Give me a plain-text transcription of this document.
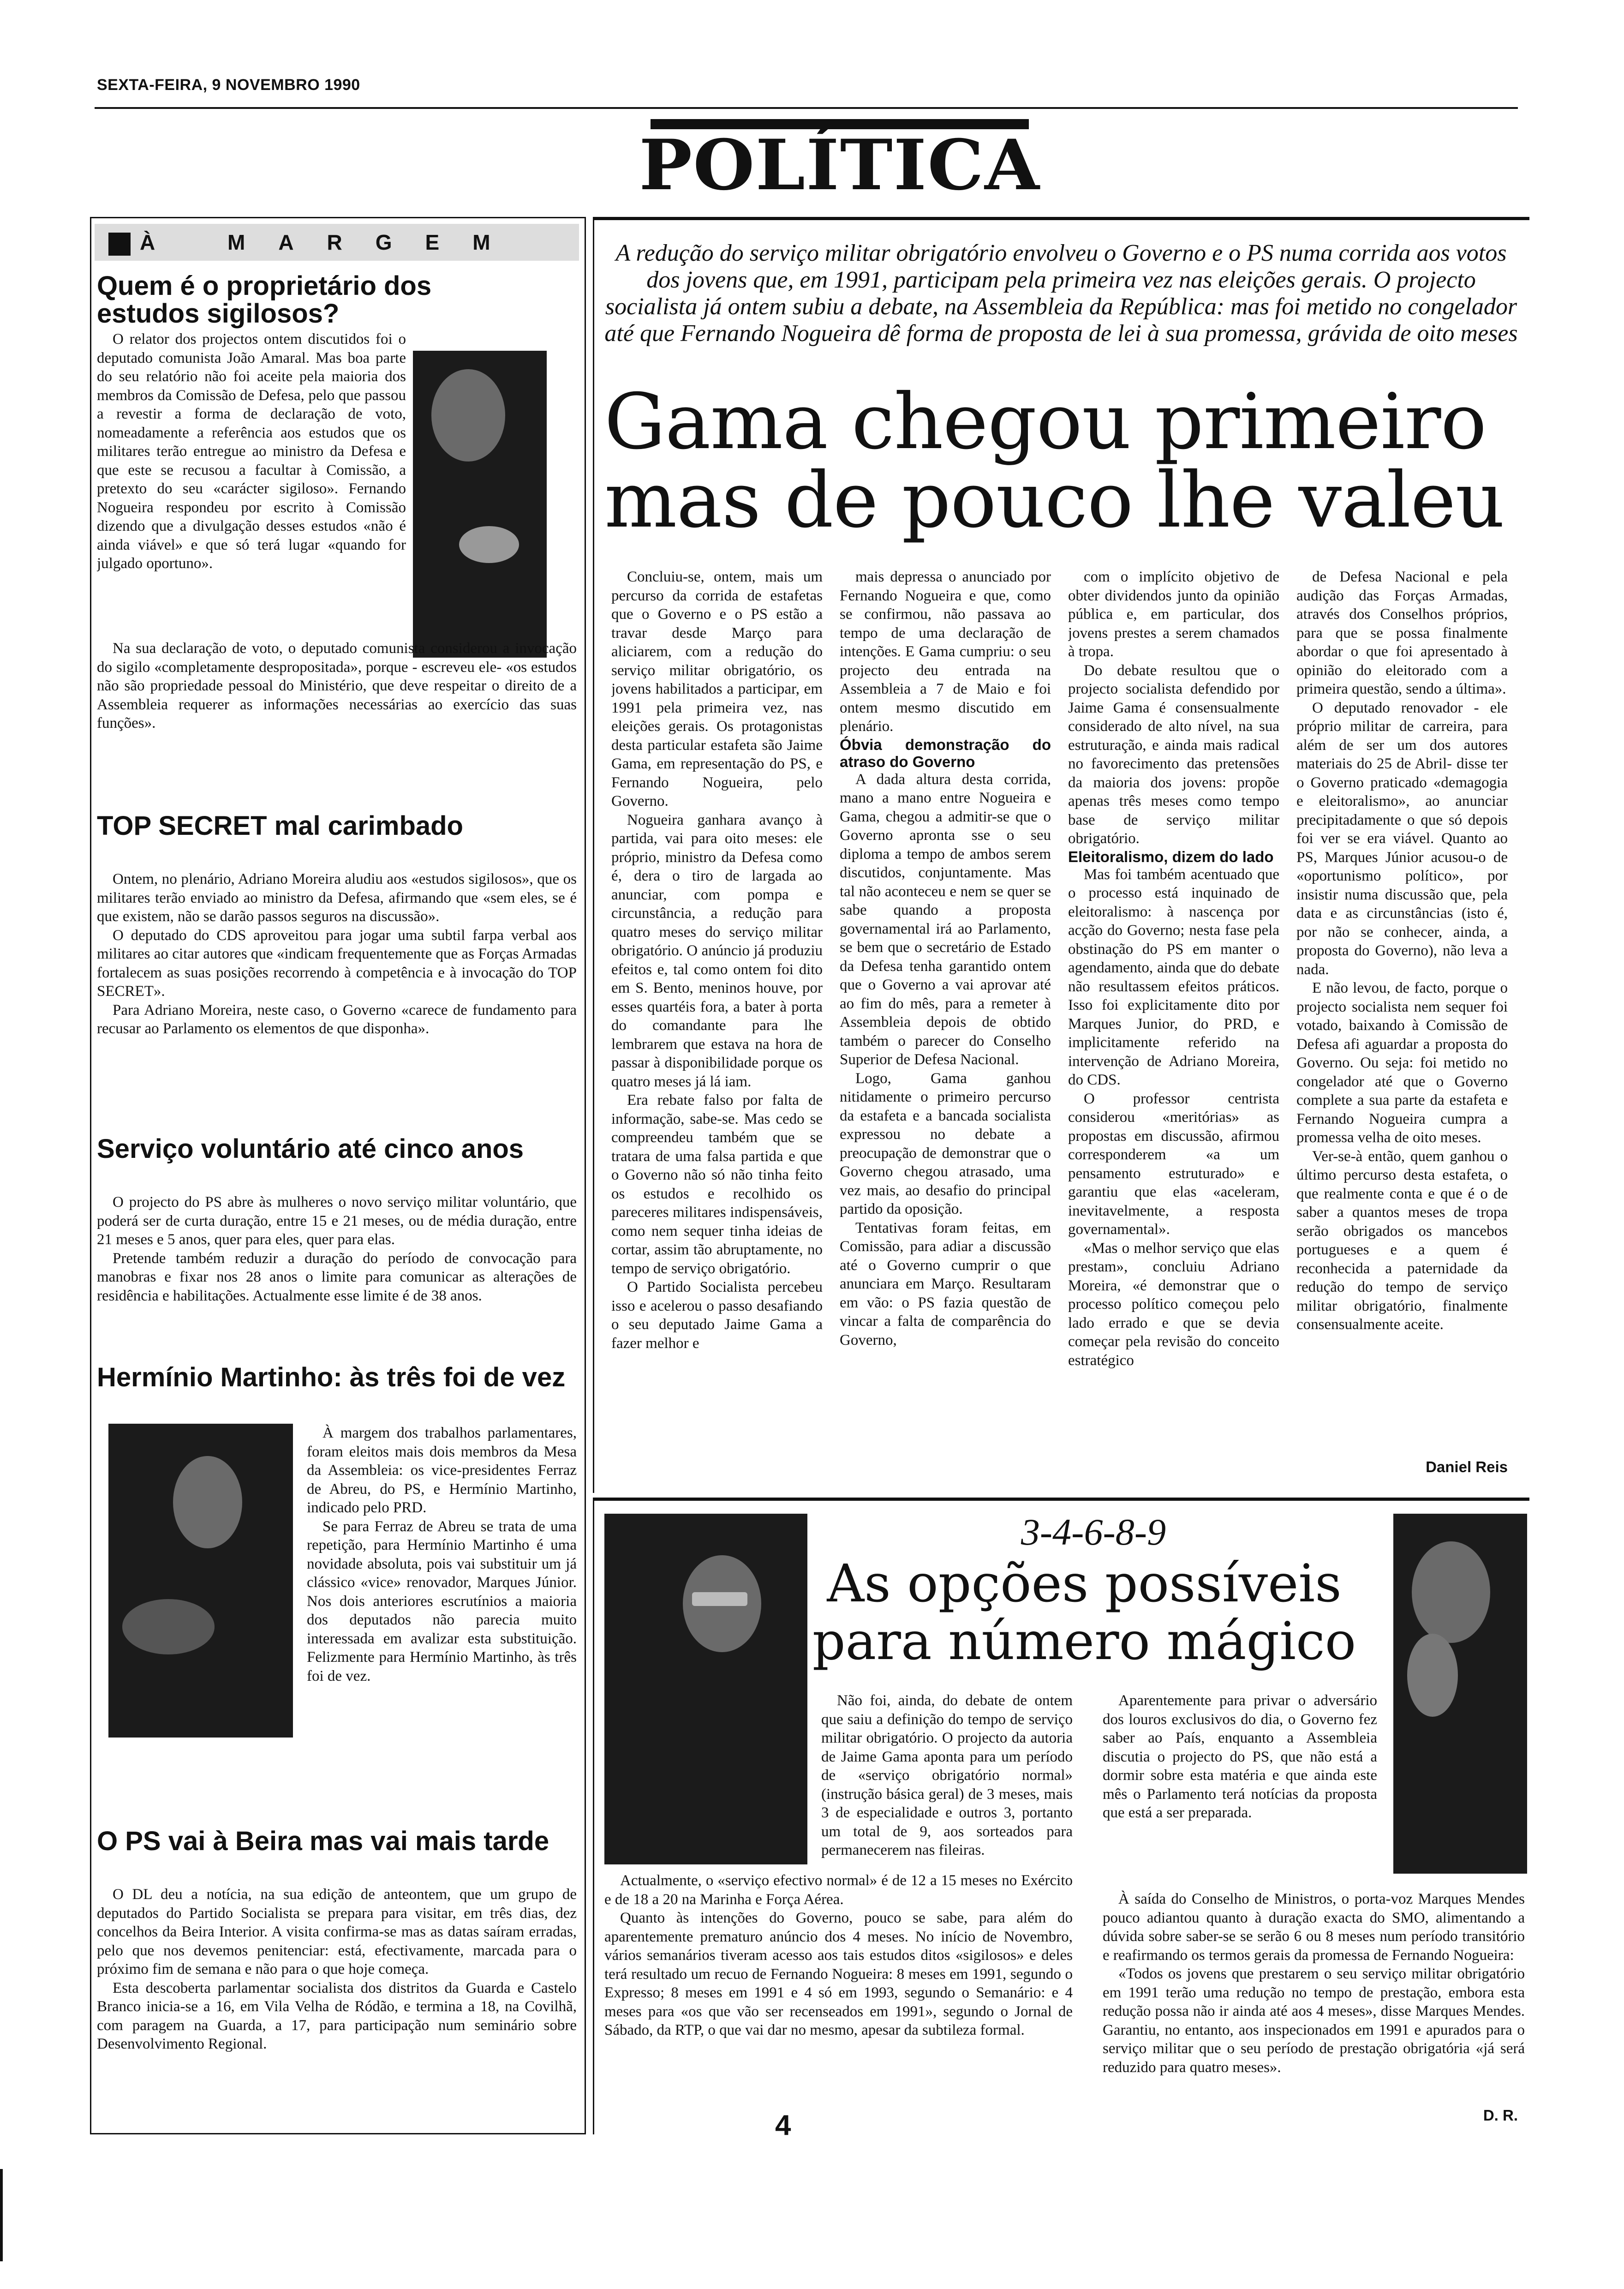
SEXTA-FEIRA, 9 NOVEMBRO 1990
POLÍTICA
À MARGEM
Quem é o proprietário dos estudos sigilosos?

O relator dos projectos ontem discutidos foi o deputado comunista João Amaral. Mas boa parte do seu relatório não foi aceite pela maioria dos membros da Comissão de Defesa, pelo que passou a revestir a forma de declaração de voto, nomeadamente a referência aos estudos que os militares terão entregue ao ministro da Defesa e que este se recusou a facultar à Comissão, a pretexto do seu «carácter sigiloso». Fernando Nogueira respondeu por escrito à Comissão dizendo que a divulgação desses estudos «não é ainda viável» e que só terá lugar «quando for julgado oportuno».

Na sua declaração de voto, o deputado comunista considerou a invocação do sigilo «completamente despropositada», porque - escreveu ele- «os estudos não são propriedade pessoal do Ministério, que deve respeitar o direito de a Assembleia requerer as informações necessárias ao exercício das suas funções».

TOP SECRET mal carimbado

Ontem, no plenário, Adriano Moreira aludiu aos «estudos sigilosos», que os militares terão enviado ao ministro da Defesa, afirmando que «sem eles, se é que existem, não se darão passos seguros na discussão».

O deputado do CDS aproveitou para jogar uma subtil farpa verbal aos militares ao citar autores que «indicam frequentemente que as Forças Armadas fortalecem as suas posições recorrendo à competência e à invocação do TOP SECRET».

Para Adriano Moreira, neste caso, o Governo «carece de fundamento para recusar ao Parlamento os elementos de que disponha».

Serviço voluntário até cinco anos

O projecto do PS abre às mulheres o novo serviço militar voluntário, que poderá ser de curta duração, entre 15 e 21 meses, ou de média duração, entre 21 meses e 5 anos, quer para eles, quer para elas.

Pretende também reduzir a duração do período de convocação para manobras e fixar nos 28 anos o limite para comunicar as alterações de residência e habilitações. Actualmente esse limite é de 38 anos.

Hermínio Martinho: às três foi de vez

À margem dos trabalhos parlamentares, foram eleitos mais dois membros da Mesa da Assembleia: os vice-presidentes Ferraz de Abreu, do PS, e Hermínio Martinho, indicado pelo PRD.

Se para Ferraz de Abreu se trata de uma repetição, para Hermínio Martinho é uma novidade absoluta, pois vai substituir um já clássico «vice» renovador, Marques Júnior. Nos dois anteriores escrutínios a maioria dos deputados não parecia muito interessada em avalizar esta substituição. Felizmente para Hermínio Martinho, às três foi de vez.

O PS vai à Beira mas vai mais tarde

O DL deu a notícia, na sua edição de anteontem, que um grupo de deputados do Partido Socialista se prepara para visitar, em três dias, dez concelhos da Beira Interior. A visita confirma-se mas as datas saíram erradas, pelo que nos devemos penitenciar: está, efectivamente, marcada para o próximo fim de semana e não para o que hoje começa.

Esta descoberta parlamentar socialista dos distritos da Guarda e Castelo Branco inicia-se a 16, em Vila Velha de Ródão, e termina a 18, na Covilhã, com paragem na Guarda, a 17, para participação num seminário sobre Desenvolvimento Regional.

A redução do serviço militar obrigatório envolveu o Governo e o PS numa corrida aos votos dos jovens que, em 1991, participam pela primeira vez nas eleições gerais. O projecto socialista já ontem subiu a debate, na Assembleia da República: mas foi metido no congelador até que Fernando Nogueira dê forma de proposta de lei à sua promessa, grávida de oito meses
Gama chegou primeiro
mas de pouco lhe valeu

Concluiu-se, ontem, mais um percurso da corrida de estafetas que o Governo e o PS estão a travar desde Março para aliciarem, com a redução do serviço militar obrigatório, os jovens habilitados a participar, em 1991 pela primeira vez, nas eleições gerais. Os protagonistas desta particular estafeta são Jaime Gama, em representação do PS, e Fernando Nogueira, pelo Governo.

Nogueira ganhara avanço à partida, vai para oito meses: ele próprio, ministro da Defesa como é, dera o tiro de largada ao anunciar, com pompa e circunstância, a redução para quatro meses do serviço militar obrigatório. O anúncio já produziu efeitos e, tal como ontem foi dito em S. Bento, meninos houve, por esses quartéis fora, a bater à porta do comandante para lhe lembrarem que estava na hora de passar à disponibilidade porque os quatro meses já lá iam.

Era rebate falso por falta de informação, sabe-se. Mas cedo se compreendeu também que se tratara de uma falsa partida e que o Governo não só não tinha feito os estudos e recolhido os pareceres militares indispensáveis, como nem sequer tinha ideias de cortar, assim tão abruptamente, no tempo de serviço obrigatório.

O Partido Socialista percebeu isso e acelerou o passo desafiando o seu deputado Jaime Gama a fazer melhor e

mais depressa o anunciado por Fernando Nogueira e que, como se confirmou, não passava ao tempo de uma declaração de intenções. E Gama cumpriu: o seu projecto deu entrada na Assembleia a 7 de Maio e foi ontem mesmo discutido em plenário.

Óbvia demonstração do atraso do Governo

A dada altura desta corrida, mano a mano entre Nogueira e Gama, chegou a admitir-se que o Governo apronta sse o seu diploma a tempo de ambos serem discutidos, conjuntamente. Mas tal não aconteceu e nem se quer se sabe quando a proposta governamental irá ao Parlamento, se bem que o secretário de Estado da Defesa tenha garantido ontem que o Governo a vai aprovar até ao fim do mês, para a remeter à Assembleia depois de obtido também o parecer do Conselho Superior de Defesa Nacional.

Logo, Gama ganhou nitidamente o primeiro percurso da estafeta e a bancada socialista expressou no debate a preocupação de demonstrar que o Governo chegou atrasado, uma vez mais, ao desafio do principal partido da oposição.

Tentativas foram feitas, em Comissão, para adiar a discussão até o Governo cumprir o que anunciara em Março. Resultaram em vão: o PS fazia questão de vincar a falta de comparência do Governo,

com o implícito objetivo de obter dividendos junto da opinião pública e, em particular, dos jovens prestes a serem chamados à tropa.

Do debate resultou que o projecto socialista defendido por Jaime Gama é consensualmente considerado de alto nível, na sua estruturação, e ainda mais radical no favorecimento das pretensões da maioria dos jovens: propõe apenas três meses como tempo base de serviço militar obrigatório.

Eleitoralismo, dizem do lado

Mas foi também acentuado que o processo está inquinado de eleitoralismo: à nascença por acção do Governo; nesta fase pela obstinação do PS em manter o agendamento, ainda que do debate não resultassem efeitos práticos. Isso foi explicitamente dito por Marques Junior, do PRD, e implicitamente referido na intervenção de Adriano Moreira, do CDS.

O professor centrista considerou «meritórias» as propostas em discussão, afirmou corresponderem «a um pensamento estruturado» e garantiu que elas «aceleram, inevitavelmente, a resposta governamental».

«Mas o melhor serviço que elas prestam», concluiu Adriano Moreira, «é demonstrar que o processo político começou pelo lado errado e que se devia começar pela revisão do conceito estratégico

de Defesa Nacional e pela audição das Forças Armadas, através dos Conselhos próprios, para que se possa finalmente abordar o que foi apresentado à opinião do eleitorado com a primeira questão, sendo a última».

O deputado renovador - ele próprio militar de carreira, para além de ser um dos autores materiais do 25 de Abril- disse ter o Governo praticado «demagogia e eleitoralismo», ao anunciar precipitadamente o que só depois foi ver se era viável. Quanto ao PS, Marques Júnior acusou-o de «oportunismo político», por insistir numa discussão que, pela data e as circunstâncias (isto é, por não se conhecer, ainda, a proposta do Governo), não leva a nada.

E não levou, de facto, porque o projecto socialista nem sequer foi votado, baixando à Comissão de Defesa afi aguardar a proposta do Governo. Ou seja: foi metido no congelador até que o Governo complete a sua parte da estafeta e Fernando Nogueira cumpra a promessa velha de oito meses.

Ver-se-à então, quem ganhou o último percurso desta estafeta, o que realmente conta e que é o de saber a quantos meses de tropa serão obrigados os mancebos portugueses e a quem é reconhecida a paternidade da redução do tempo de serviço militar obrigatório, finalmente consensualmente aceite.

Daniel Reis
3-4-6-8-9
As opções possíveis
para número mágico

Não foi, ainda, do debate de ontem que saiu a definição do tempo de serviço militar obrigatório. O projecto da autoria de Jaime Gama aponta para um período de «serviço obrigatório normal» (instrução básica geral) de 3 meses, mais 3 de especialidade e outros 3, portanto um total de 9, aos sorteados para permanecerem nas fileiras.

Actualmente, o «serviço efectivo normal» é de 12 a 15 meses no Exército e de 18 a 20 na Marinha e Força Aérea.

Quanto às intenções do Governo, pouco se sabe, para além do aparentemente prematuro anúncio dos 4 meses. No início de Novembro, vários semanários tiveram acesso aos tais estudos ditos «sigilosos» e deles terá resultado um recuo de Fernando Nogueira: 8 meses em 1991, segundo o Expresso; 8 meses em 1991 e 4 só em 1993, segundo o Semanário: e 4 meses para «os que vão ser recenseados em 1991», segundo o Jornal de Sábado, da RTP, o que vai dar no mesmo, apesar da subtileza formal.

Aparentemente para privar o adversário dos louros exclusivos do dia, o Governo fez saber ao País, enquanto a Assembleia discutia o projecto do PS, que não está a dormir sobre esta matéria e que ainda este mês o Parlamento terá notícias da proposta que está a ser preparada.

À saída do Conselho de Ministros, o porta-voz Marques Mendes pouco adiantou quanto à duração exacta do SMO, alimentando a dúvida sobre saber-se se serão 6 ou 8 meses num período transitório e reafirmando os termos gerais da promessa de Fernando Nogueira:

«Todos os jovens que prestarem o seu serviço militar obrigatório em 1991 terão uma redução no tempo de prestação, embora esta redução possa não ir ainda até aos 4 meses», disse Marques Mendes. Garantiu, no entanto, aos inspecionados em 1991 e apurados para o serviço militar que o seu período de prestação obrigatória «já será reduzido para quatro meses».

D. R.
4
